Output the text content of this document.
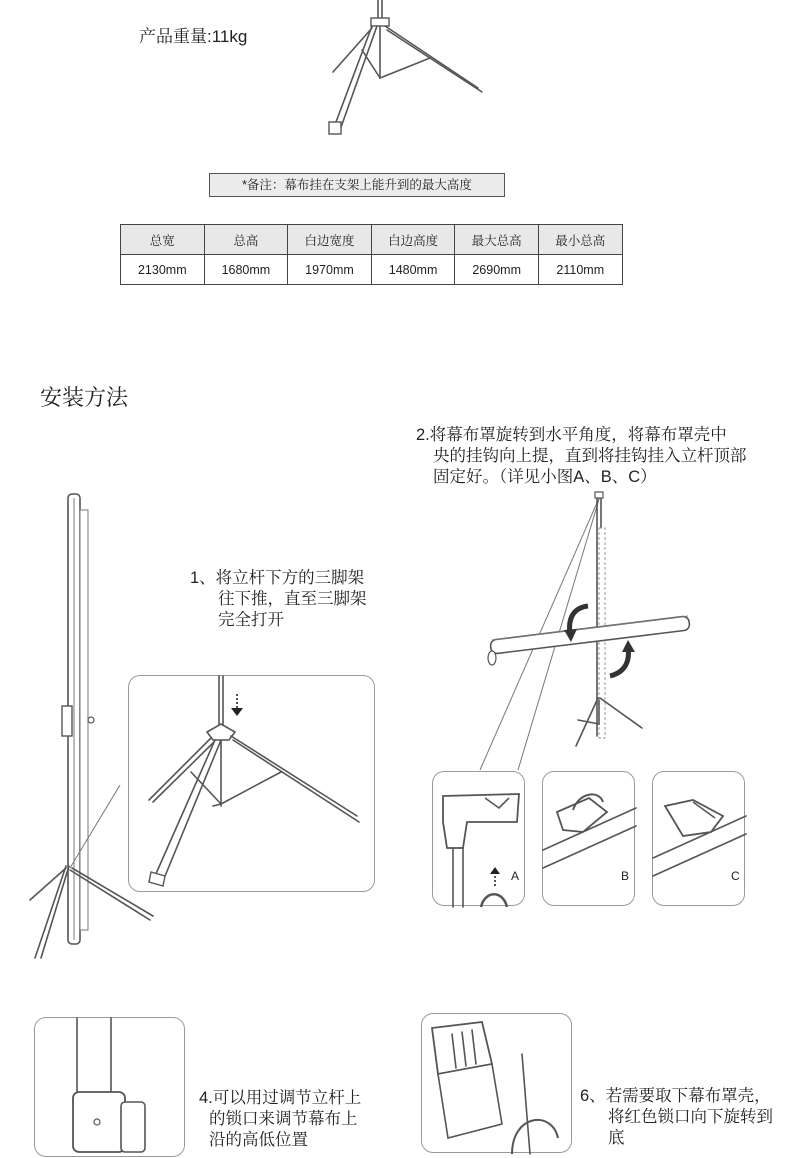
产品重量:11kg
*备注：幕布挂在支架上能升到的最大高度
总宽	总高	白边宽度	白边高度	最大总高	最小总高
2130mm	1680mm	1970mm	1480mm	2690mm	2110mm
安装方法
1、将立杆下方的三脚架
往下推，直至三脚架
完全打开
2.将幕布罩旋转到水平角度，将幕布罩壳中
央的挂钩向上提，直到将挂钩挂入立杆顶部
固定好。（详见小图A、B、C）
A	B	C
4.可以用过调节立杆上
的锁口来调节幕布上
沿的高低位置
6、若需要取下幕布罩壳，
将红色锁口向下旋转到
底
